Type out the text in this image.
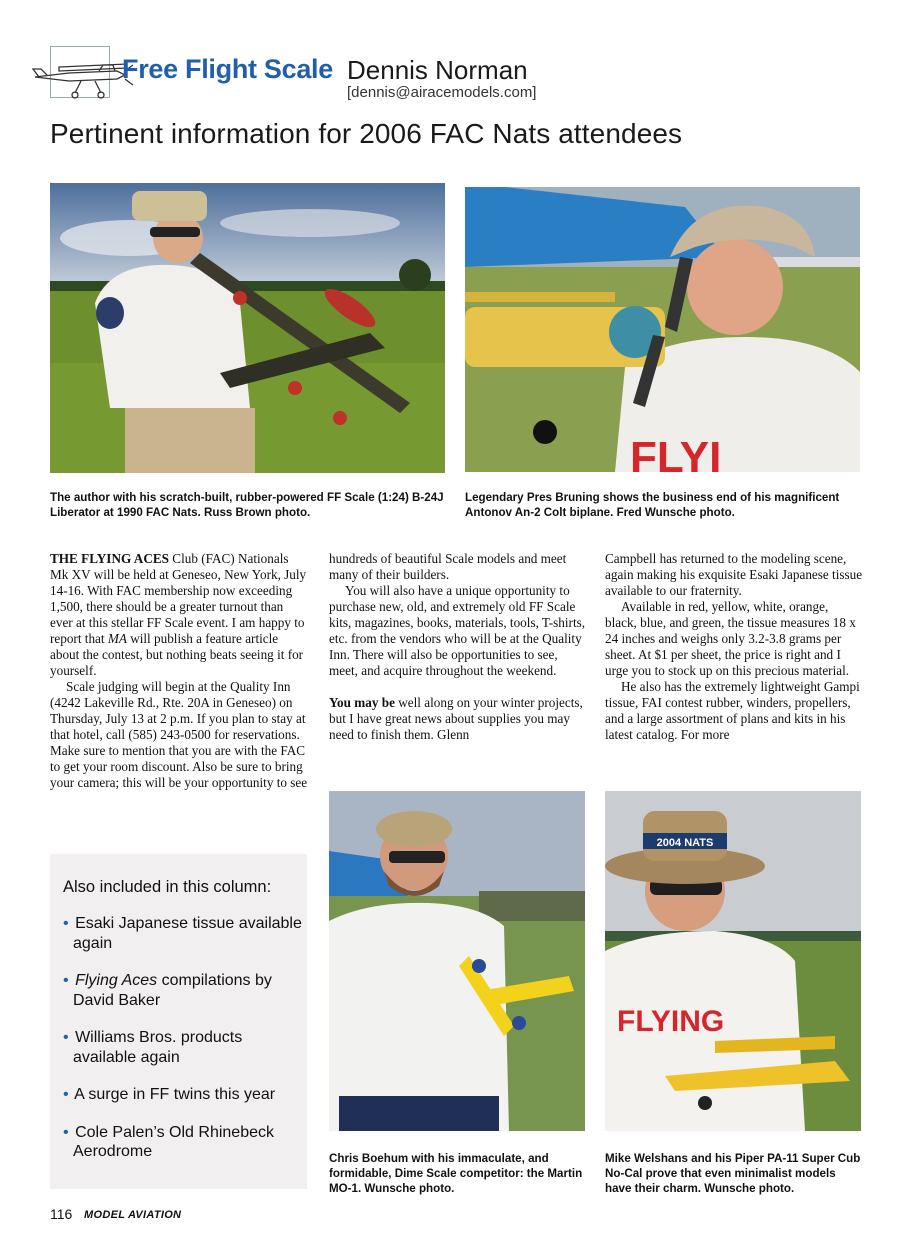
Free Flight Scale Dennis Norman
[dennis@airacemodels.com]
Pertinent information for 2006 FAC Nats attendees
FLYI
The author with his scratch-built, rubber-powered FF Scale (1:24) B-24J Liberator at 1990 FAC Nats. Russ Brown photo.
Legendary Pres Bruning shows the business end of his magnificent Antonov An-2 Colt biplane. Fred Wunsche photo.

THE FLYING ACES Club (FAC) Nationals Mk XV will be held at Geneseo, New York, July 14-16. With FAC membership now exceeding 1,500, there should be a greater turnout than ever at this stellar FF Scale event. I am happy to report that MA will publish a feature article about the contest, but nothing beats seeing it for yourself.

Scale judging will begin at the Quality Inn (4242 Lakeville Rd., Rte. 20A in Geneseo) on Thursday, July 13 at 2 p.m. If you plan to stay at that hotel, call (585) 243-0500 for reservations. Make sure to mention that you are with the FAC to get your room discount. Also be sure to bring your camera; this will be your opportunity to see

hundreds of beautiful Scale models and meet many of their builders.

You will also have a unique opportunity to purchase new, old, and extremely old FF Scale kits, magazines, books, materials, tools, T-shirts, etc. from the vendors who will be at the Quality Inn. There will also be opportunities to see, meet, and acquire throughout the weekend.

You may be well along on your winter projects, but I have great news about supplies you may need to finish them. Glenn

Campbell has returned to the modeling scene, again making his exquisite Esaki Japanese tissue available to our fraternity.

Available in red, yellow, white, orange, black, blue, and green, the tissue measures 18 x 24 inches and weighs only 3.2-3.8 grams per sheet. At $1 per sheet, the price is right and I urge you to stock up on this precious material.

He also has the extremely lightweight Gampi tissue, FAI contest rubber, winders, propellers, and a large assortment of plans and kits in his latest catalog. For more

Also included in this column:
• Esaki Japanese tissue available again
• Flying Aces compilations by David Baker
• Williams Bros. products available again
• A surge in FF twins this year
• Cole Palen’s Old Rhinebeck Aerodrome
2004 NATS
FLYING
Chris Boehum with his immaculate, and formidable, Dime Scale competitor: the Martin MO-1. Wunsche photo.
Mike Welshans and his Piper PA-11 Super Cub No-Cal prove that even minimalist models have their charm. Wunsche photo.
116 MODEL AVIATION
